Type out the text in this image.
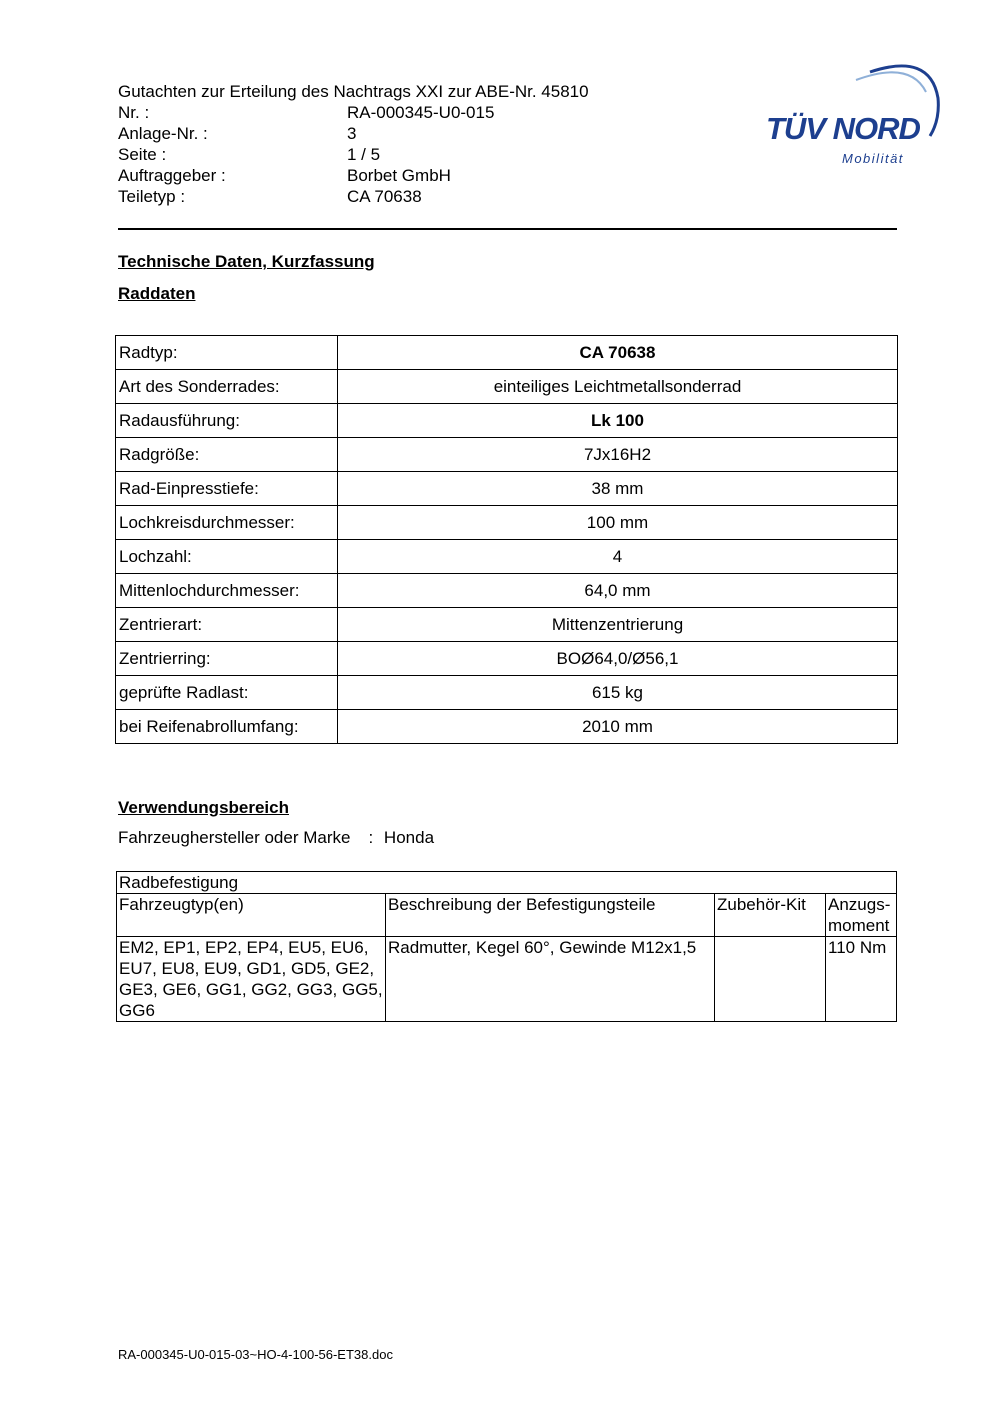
Gutachten zur Erteilung des Nachtrags XXI zur ABE-Nr. 45810
Nr. :	RA-000345-U0-015
Anlage-Nr. :	3
Seite :	1 / 5
Auftraggeber :	Borbet GmbH
Teiletyp :	CA 70638
TÜV NORD
Mobilität
Technische Daten, Kurzfassung
Raddaten
Radtyp:	CA 70638
Art des Sonderrades:	einteiliges Leichtmetallsonderrad
Radausführung:	Lk 100
Radgröße:	7Jx16H2
Rad-Einpresstiefe:	38 mm
Lochkreisdurchmesser:	100 mm
Lochzahl:	4
Mittenlochdurchmesser:	64,0 mm
Zentrierart:	Mittenzentrierung
Zentrierring:	BOØ64,0/Ø56,1
geprüfte Radlast:	615 kg
bei Reifenabrollumfang:	2010 mm
Verwendungsbereich
Fahrzeughersteller oder Marke : Honda
Radbefestigung			
Fahrzeugtyp(en)	Beschreibung der Befestigungsteile	Zubehör-Kit	Anzugs-moment
EM2, EP1, EP2, EP4, EU5, EU6, EU7, EU8, EU9, GD1, GD5, GE2, GE3, GE6, GG1, GG2, GG3, GG5, GG6	Radmutter, Kegel 60°, Gewinde M12x1,5		110 Nm
RA-000345-U0-015-03~HO-4-100-56-ET38.doc
